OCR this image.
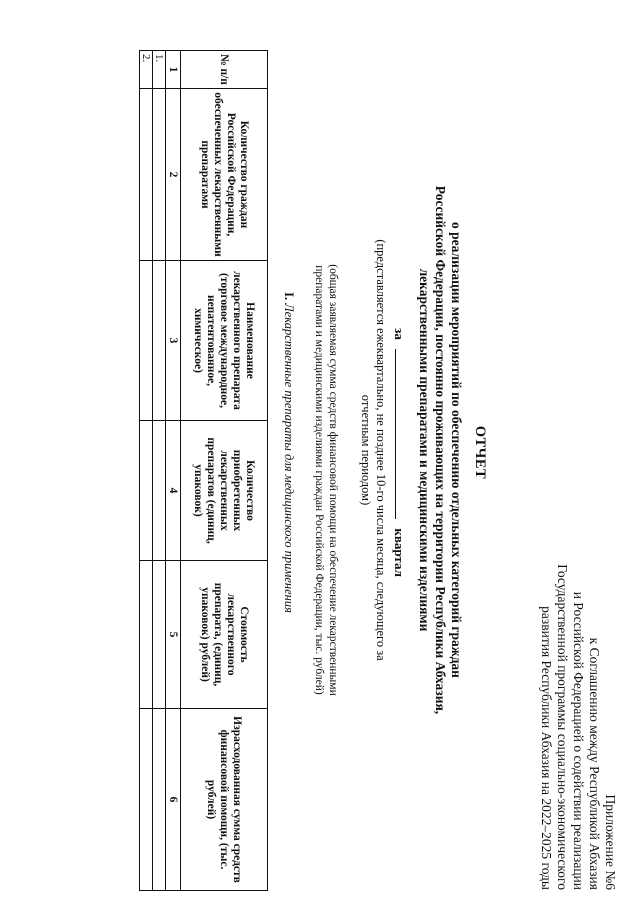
Приложение №6
к Соглашению между Республикой Абхазия
и Российской Федерацией о содействии реализации
Государственной программы социально-экономического
развития Республики Абхазия на 2022–2025 годы
ОТЧЕТ
о реализации мероприятий по обеспечению отдельных категорий граждан
Российской Федерации, постоянно проживающих на территории Республики Абхазия,
лекарственными препаратами и медицинскими изделиями
за  квартал
(представляется ежеквартально, не позднее 10-го числа месяца, следующего за
отчетным периодом)
(общая заявляемая сумма средств финансовой помощи на обеспечение лекарственными
препаратами и медицинскими изделиями граждан Российской Федерации, тыс. рублей)
I. Лекарственные препараты для медицинского применения
№ п/п	Количество граждан Российской Федерации, обеспеченных лекарственными препаратами	Наименование лекарственного препарата (торговое международное, непатентованное, химическое)	Количество приобретенных лекарственных препаратов (единиц, упаковок)	Стоимость лекарственного препарата, (единиц, упаковок) рублей)	Израсходованная сумма средств финансовой помощи, (тыс. рублей)
1	2	3	4	5	6
1.					
2.					
